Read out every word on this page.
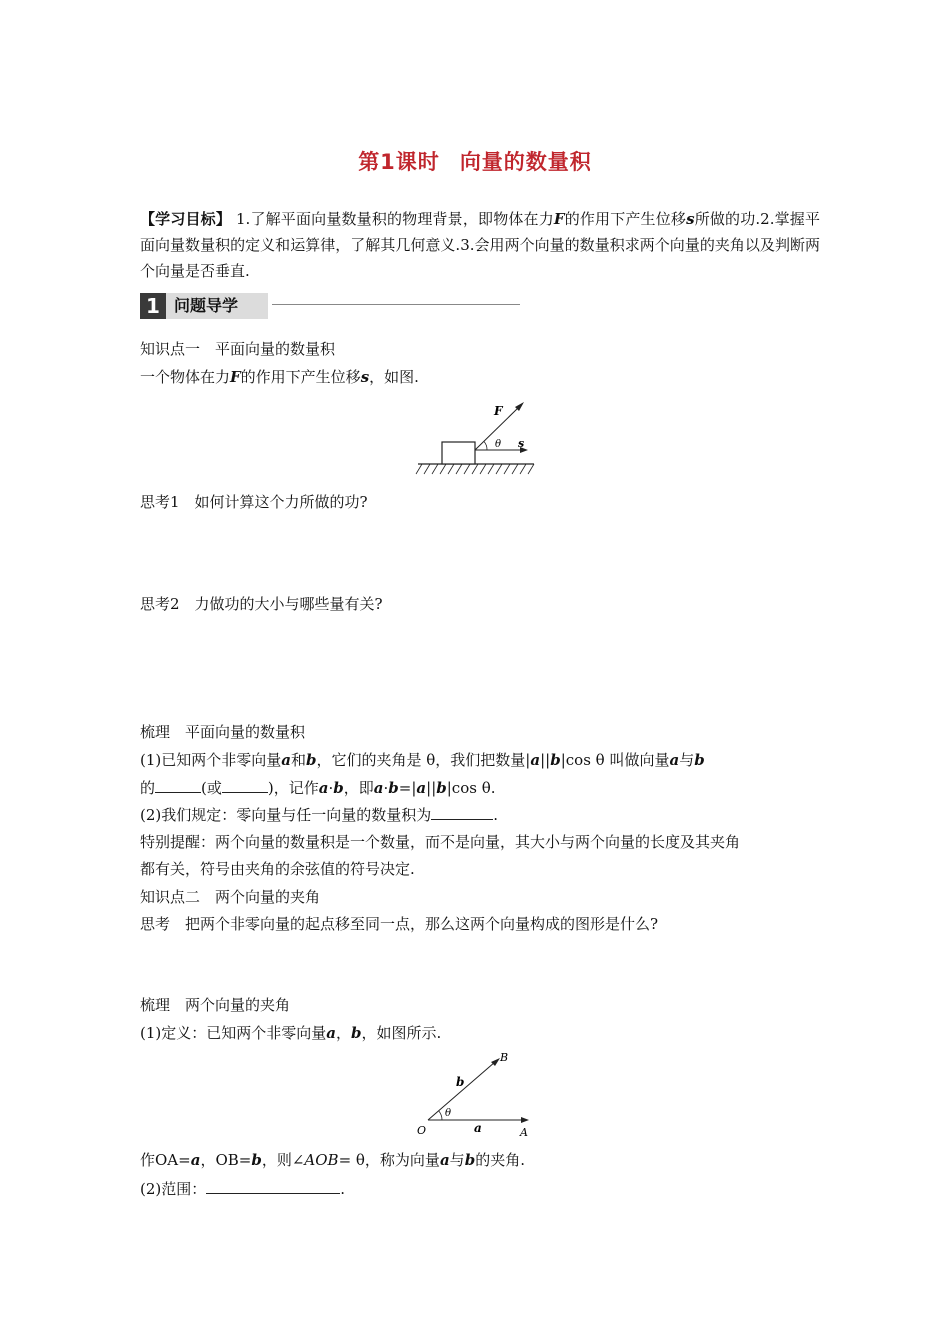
第1课时 向量的数量积
【学习目标】 1.了解平面向量数量积的物理背景，即物体在力F的作用下产生位移s所做的功.2.掌握平面向量数量积的定义和运算律，了解其几何意义.3.会用两个向量的数量积求两个向量的夹角以及判断两个向量是否垂直.
1 问题导学
知识点一　平面向量的数量积
一个物体在力F的作用下产生位移s，如图.
F
θ s
思考1　如何计算这个力所做的功?
思考2　力做功的大小与哪些量有关?
梳理　平面向量的数量积
(1)已知两个非零向量a和b，它们的夹角是 θ，我们把数量|a||b|cos θ 叫做向量a与b
的	(或	)，记作a·b，即a·b=|a||b|cos θ.
(2)我们规定：零向量与任一向量的数量积为	.
特别提醒：两个向量的数量积是一个数量，而不是向量，其大小与两个向量的长度及其夹角
都有关，符号由夹角的余弦值的符号决定.
知识点二　两个向量的夹角
思考　把两个非零向量的起点移至同一点，那么这两个向量构成的图形是什么?
梳理　两个向量的夹角
(1)定义：已知两个非零向量a，b，如图所示.
B
b
θ
O	a	A
作OA=a，OB=b，则∠AOB= θ，称为向量a与b的夹角.
(2)范围：	.
